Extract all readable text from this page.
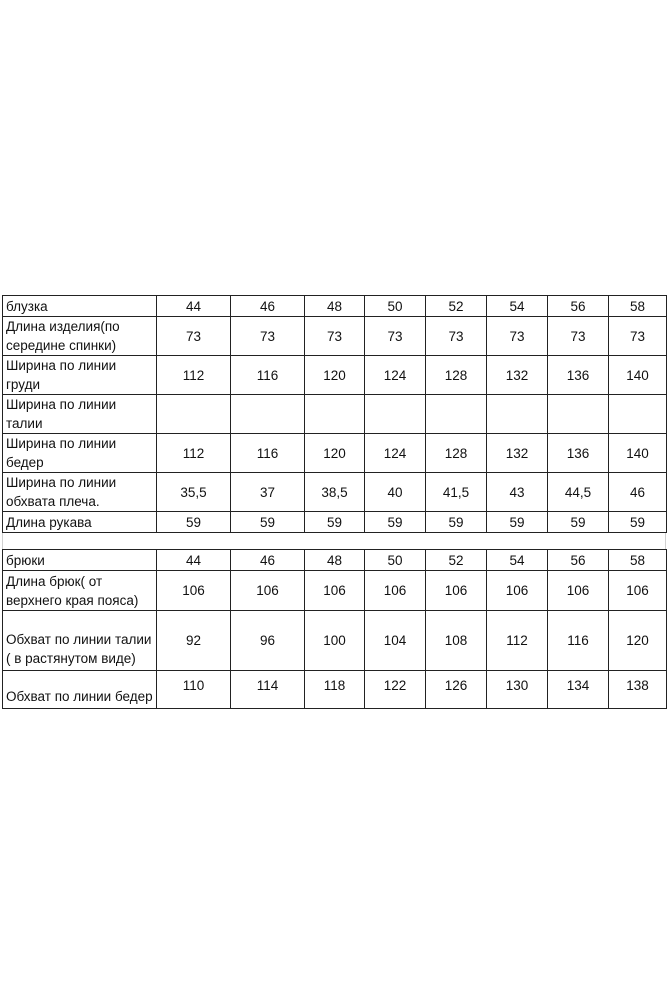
блузка	44	46	48	50	52	54	56	58

Длина изделия(по
середине спинки)	73	73	73	73	73	73	73	73

Ширина по линии
груди	112	116	120	124	128	132	136	140

Ширина по линии
талии								

Ширина по линии
бедер	112	116	120	124	128	132	136	140

Ширина по линии
обхвата плеча.	35,5	37	38,5	40	41,5	43	44,5	46

Длина рукава	59	59	59	59	59	59	59	59
брюки	44	46	48	50	52	54	56	58

Длина брюк( от
верхнего края пояса)	106	106	106	106	106	106	106	106

Обхват по линии талии
( в растянутом виде)	92	96	100	104	108	112	116	120

Обхват по линии бедер	110	114	118	122	126	130	134	138
